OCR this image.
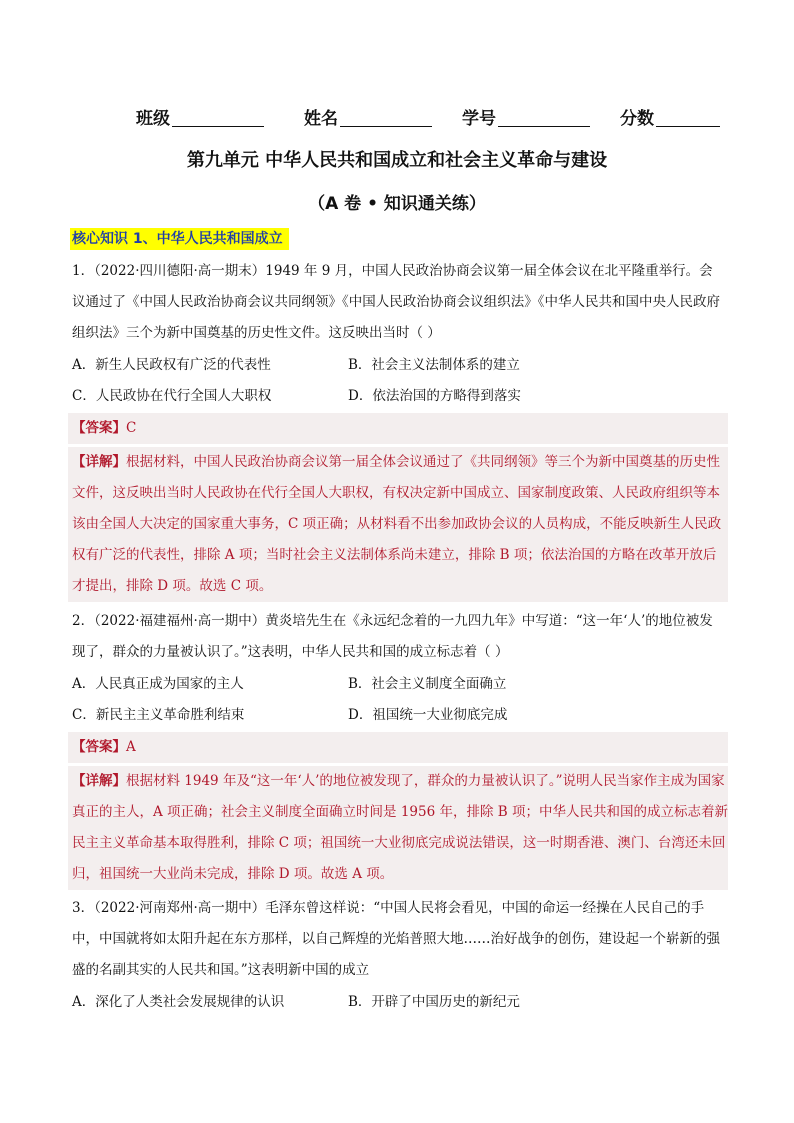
班级	姓名	学号	分数
第九单元 中华人民共和国成立和社会主义革命与建设
（A 卷 • 知识通关练）
核心知识 1、中华人民共和国成立

1．（2022·四川德阳·高一期末）1949 年 9 月，中国人民政治协商会议第一届全体会议在北平隆重举行。会议通过了《中国人民政治协商会议共同纲领》《中国人民政治协商会议组织法》《中华人民共和国中央人民政府组织法》三个为新中国奠基的历史性文件。这反映出当时（ ）

A．新生人民政权有广泛的代表性	B．社会主义法制体系的建立
C．人民政协在代行全国人大职权	D．依法治国的方略得到落实
【答案】C
【详解】根据材料，中国人民政治协商会议第一届全体会议通过了《共同纲领》等三个为新中国奠基的历史性文件，这反映出当时人民政协在代行全国人大职权，有权决定新中国成立、国家制度政策、人民政府组织等本该由全国人大决定的国家重大事务，C 项正确；从材料看不出参加政协会议的人员构成，不能反映新生人民政权有广泛的代表性，排除 A 项；当时社会主义法制体系尚未建立，排除 B 项；依法治国的方略在改革开放后才提出，排除 D 项。故选 C 项。

2．（2022·福建福州·高一期中）黄炎培先生在《永远纪念着的一九四九年》中写道：“这一年‘人’的地位被发现了，群众的力量被认识了。”这表明，中华人民共和国的成立标志着（ ）

A．人民真正成为国家的主人	B．社会主义制度全面确立
C．新民主主义革命胜利结束	D．祖国统一大业彻底完成
【答案】A
【详解】根据材料 1949 年及“这一年‘人’的地位被发现了，群众的力量被认识了。”说明人民当家作主成为国家真正的主人，A 项正确；社会主义制度全面确立时间是 1956 年，排除 B 项；中华人民共和国的成立标志着新民主主义革命基本取得胜利，排除 C 项；祖国统一大业彻底完成说法错误，这一时期香港、澳门、台湾还未回归，祖国统一大业尚未完成，排除 D 项。故选 A 项。

3．（2022·河南郑州·高一期中）毛泽东曾这样说：“中国人民将会看见，中国的命运一经操在人民自己的手中，中国就将如太阳升起在东方那样，以自己辉煌的光焰普照大地……治好战争的创伤，建设起一个崭新的强盛的名副其实的人民共和国。”这表明新中国的成立

A．深化了人类社会发展规律的认识	B．开辟了中国历史的新纪元
